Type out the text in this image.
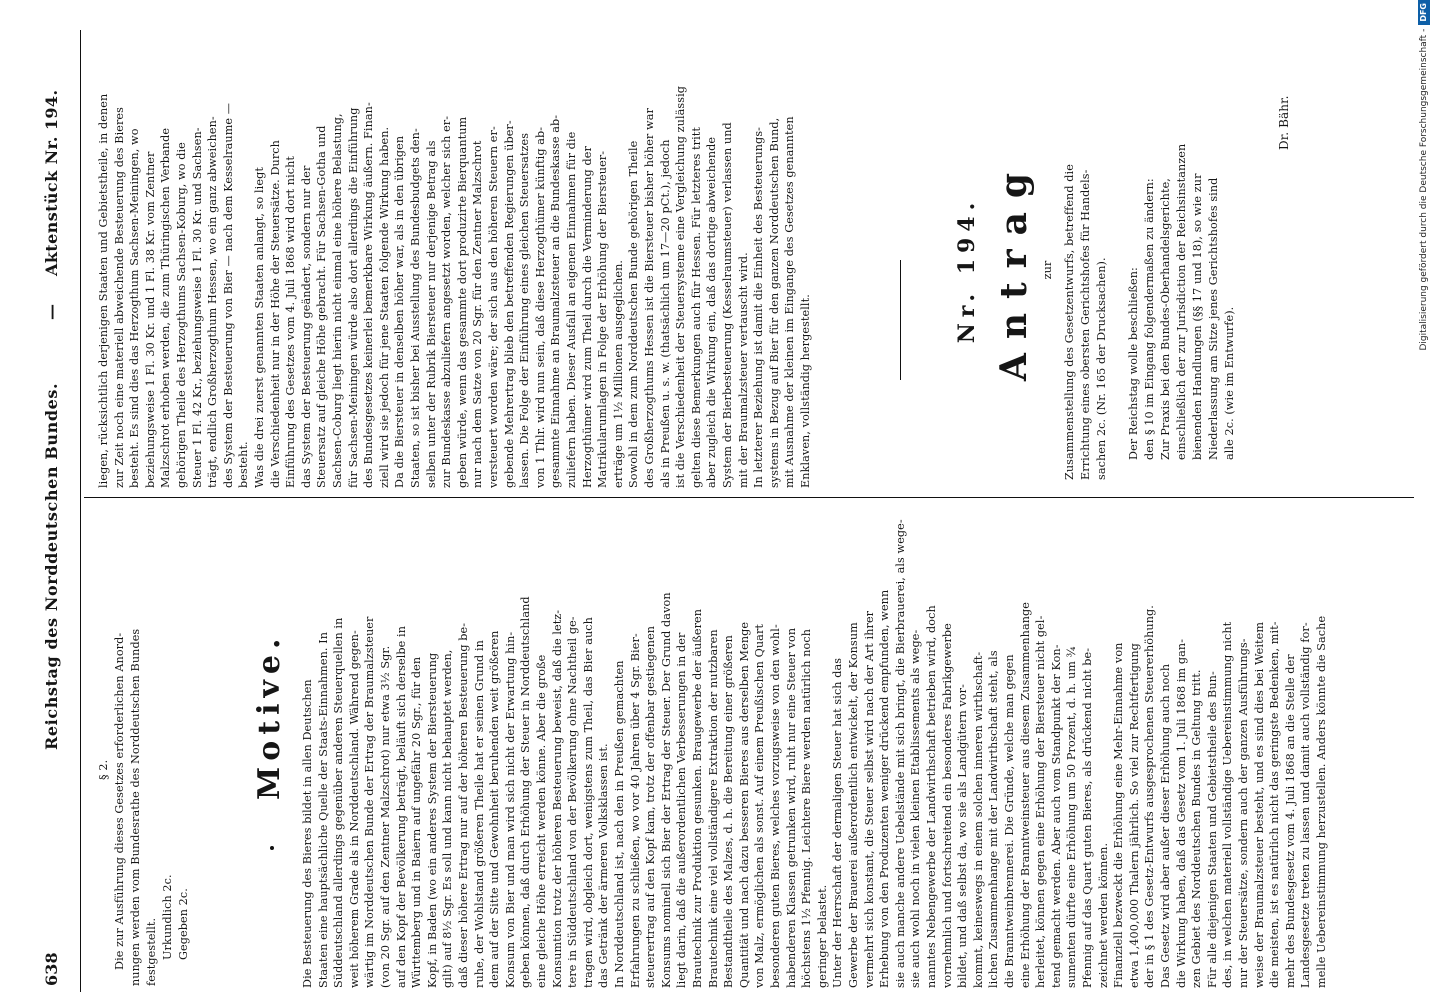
638
Reichstag des Norddeutschen Bundes.
—
Aktenstück Nr. 194.
§ 2. Die zur Ausführung dieses Gesetzes erforderlichen Anord- nungen werden vom Bundesrathe des Norddeutschen Bundes festgestellt. Urkundlich 2c. Gegeben 2c.
Motive. Die Besteuerung des Bieres bildet in allen Deutschen Staaten eine hauptsächliche Quelle der Staats-Einnahmen. In Süddeutschland allerdings gegenüber anderen Steuerquellen in weit höherem Grade als in Norddeutschland. Während gegen- wärtig im Norddeutschen Bunde der Ertrag der Braumalzsteuer (von 20 Sgr. auf den Zentner Malzschrot) nur etwa 3½ Sgr. auf den Kopf der Bevölkerung beträgt, beläuft sich derselbe in Württemberg und in Baiern auf ungefähr 20 Sgr., für den Kopf, in Baden (wo ein anderes System der Biersteuerung gilt) auf 8½ Sgr. Es soll und kann nicht behauptet werden, daß dieser höhere Ertrag nur auf der höheren Besteuerung be- ruhe, der Wohlstand größeren Theile hat er seinen Grund in dem auf der Sitte und Gewohnheit beruhenden weit größeren Konsum von Bier und man wird sich nicht der Erwartung hin- geben können, daß durch Erhöhung der Steuer in Norddeutschland eine gleiche Höhe erreicht werden könne. Aber die große Konsumtion trotz der höheren Besteuerung beweist, daß die letz- tere in Süddeutschland von der Bevölkerung ohne Nachtheil ge- tragen wird, obgleich dort, wenigstens zum Theil, das Bier auch das Getränk der ärmeren Volksklassen ist. In Norddeutschland ist, nach den in Preußen gemachten Erfahrungen zu schließen, wo vor 40 Jahren über 4 Sgr. Bier- steuerertrag auf den Kopf kam, trotz der offenbar gestiegenen Konsums nominell sich Bier der Ertrag der Steuer. Der Grund davon liegt darin, daß die außerordentlichen Verbesserungen in der Brautechnik zur Produktion gesunken. Braugewerbe der äußeren Brautechnik eine viel vollständigere Extraktion der nutzbaren Bestandtheile des Malzes, d. h. die Bereitung einer größeren Quantität und nach dazu besseren Bieres aus derselben Menge von Malz, ermöglichen als sonst. Auf einem Preußischen Quart besonderen guten Bieres, welches vorzugsweise von den wohl- habenderen Klassen getrunken wird, ruht nur eine Steuer von höchstens 1½ Pfennig. Leichtere Biere werden natürlich noch geringer belastet. Unter der Herrschaft der dermaligen Steuer hat sich das Gewerbe der Brauerei außerordentlich entwickelt, der Konsum vermehrt sich konstant, die Steuer selbst wird nach der Art ihrer Erhebung von den Produzenten weniger drückend empfunden, wenn sie auch manche andere Uebelstände mit sich bringt, die Bierbrauerei, als wege- sie auch wohl noch in vielen kleinen Etablissements als wege- nanntes Nebengewerbe der Landwirthschaft betrieben wird, doch vornehmlich und fortschreitend ein besonderes Fabrikgewerbe bildet, und daß selbst da, wo sie als Landgütern vor- kommt, keineswegs in einem solchen inneren wirthschaft- lichen Zusammenhange mit der Landwirthschaft steht, als die Branntweinbrennerei. Die Gründe, welche man gegen eine Erhöhung der Branntweinsteuer aus diesem Zusammenhange herleitet, können gegen eine Erhöhung der Biersteuer nicht gel- tend gemacht werden. Aber auch vom Standpunkt der Kon- sumenten dürfte eine Erhöhung um 50 Prozent, d. h. um ¾ Pfennig auf das Quart guten Bieres, als drückend nicht be- zeichnet werden können. Finanziell bezweckt die Erhöhung eine Mehr-Einnahme von etwa 1,400,000 Thalern jährlich. So viel zur Rechtfertigung der in § 1 des Gesetz-Entwurfs ausgesprochenen Steuererhöhung. Das Gesetz wird aber außer dieser Erhöhung auch noch die Wirkung haben, daß das Gesetz vom 1. Juli 1868 im gan- zen Gebiet des Norddeutschen Bundes in Geltung tritt. Für alle diejenigen Staaten und Gebietstheile des Bun- des, in welchen materiell vollständige Uebereinstimmung nicht nur der Steuersätze, sondern auch der ganzen Ausführungs- weise der Braumalzsteuer besteht, und es sind dies bei Weitem die meisten, ist es natürlich nicht das geringste Bedenken, mit- mehr des Bundesgesetz vom 4. Juli 1868 an die Stelle der Landesgesetze treten zu lassen und damit auch vollständig for- melle Uebereinstimmung herzustellen. Anders könnte die Sache
liegen, rücksichtlich derjenigen Staaten und Gebietstheile, in denen zur Zeit noch eine materiell abweichende Besteuerung des Bieres besteht. Es sind dies das Herzogthum Sachsen-Meiningen, wo beziehungsweise 1 Fl. 30 Kr. und 1 Fl. 38 Kr. vom Zentner Malzschrot erhoben werden, die zum Thüringischen Verbande gehörigen Theile des Herzogthums Sachsen-Koburg, wo die Steuer 1 Fl. 42 Kr., beziehungsweise 1 Fl. 30 Kr. und Sachsen- trägt, endlich Großherzogthum Hessen, wo ein ganz abweichen- des System der Besteuerung von Bier — nach dem Kesselraume — besteht. Was die drei zuerst genannten Staaten anlangt, so liegt die Verschiedenheit nur in der Höhe der Steuersätze. Durch Einführung des Gesetzes vom 4. Juli 1868 wird dort nicht das System der Besteuerung geändert, sondern nur der Steuersatz auf gleiche Höhe gebracht. Für Sachsen-Gotha und Sachsen-Coburg liegt hierin nicht einmal eine höhere Belastung, für Sachsen-Meiningen würde also dort allerdings die Einführung des Bundesgesetzes keinerlei bemerkbare Wirkung äußern. Finan- ziell wird sie jedoch für jene Staaten folgende Wirkung haben. Da die Biersteuer in denselben höher war, als in den übrigen Staaten, so ist bisher bei Ausstellung des Bundesbudgets den- selben unter der Rubrik Biersteuer nur derjenige Betrag als zur Bundeskasse abzuliefern angesetzt worden, welcher sich er- geben würde, wenn das gesammte dort produzirte Bierquantum nur nach dem Satze von 20 Sgr. für den Zentner Malzschrot versteuert worden wäre; der sich aus den höheren Steuern er- gebende Mehrertrag blieb den betreffenden Regierungen über- lassen. Die Folge der Einführung eines gleichen Steuersatzes von 1 Thlr. wird nun sein, daß diese Herzogthümer künftig ab- gesammte Einnahme an Braumalzsteuer an die Bundeskasse ab- zuliefern haben. Dieser Ausfall an eigenen Einnahmen für die Herzogthümer wird zum Theil durch die Verminderung der Matrikularumlagen in Folge der Erhöhung der Biersteuer- erträge um 1½ Millionen ausgeglichen. Sowohl in dem zum Norddeutschen Bunde gehörigen Theile des Großherzogthums Hessen ist die Biersteuer bisher höher war als in Preußen u. s. w. (thatsächlich um 17—20 pCt.), jedoch ist die Verschiedenheit der Steuersysteme eine Vergleichung zulässig gelten diese Bemerkungen auch für Hessen. Für letzteres tritt aber zugleich die Wirkung ein, daß das dortige abweichende System der Bierbesteuerung (Kesselraumsteuer) verlassen und mit der Braumalzsteuer vertauscht wird. In letzterer Beziehung ist damit die Einheit des Besteuerungs- systems in Bezug auf Bier für den ganzen Norddeutschen Bund, mit Ausnahme der kleinen im Eingange des Gesetzes genannten Enklaven, vollständig hergestellt.
Nr. 194. Antrag zur Zusammenstellung des Gesetzentwurfs, betreffend die Errichtung eines obersten Gerichtshofes für Handels- sachen 2c. (Nr. 165 der Drucksachen). Der Reichstag wolle beschließen: den § 10 im Eingang folgendermaßen zu ändern: Zur Praxis bei den Bundes-Oberhandelsgerichte, einschließlich der zur Jurisdiction der Reichsinstanzen bienenden Handlungen (§§ 17 und 18), so wie zur Niederlassung am Sitze jenes Gerichtshofes sind alle 2c. (wie im Entwurfe).
Dr. Bähr.	Digitalisierung gefördert durch die Deutsche Forschungsgemeinschaft -DFG
